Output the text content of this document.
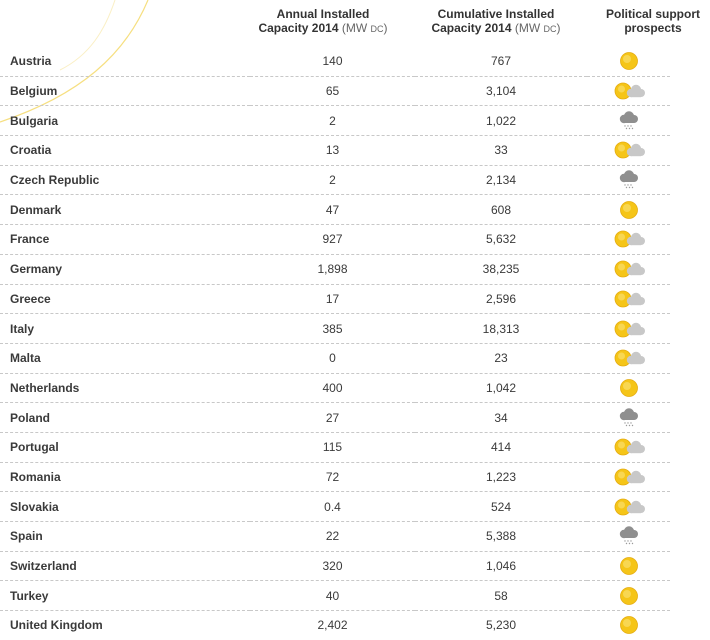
Annual Installed
Capacity 2014 (MW DC)
Cumulative Installed
Capacity 2014 (MW DC)
Political support
prospects
Austria	140	767	
Belgium	65	3,104	
Bulgaria	2	1,022	
Croatia	13	33	
Czech Republic	2	2,134	
Denmark	47	608	
France	927	5,632	
Germany	1,898	38,235	
Greece	17	2,596	
Italy	385	18,313	
Malta	0	23	
Netherlands	400	1,042	
Poland	27	34	
Portugal	115	414	
Romania	72	1,223	
Slovakia	0.4	524	
Spain	22	5,388	
Switzerland	320	1,046	
Turkey	40	58	
United Kingdom	2,402	5,230	
